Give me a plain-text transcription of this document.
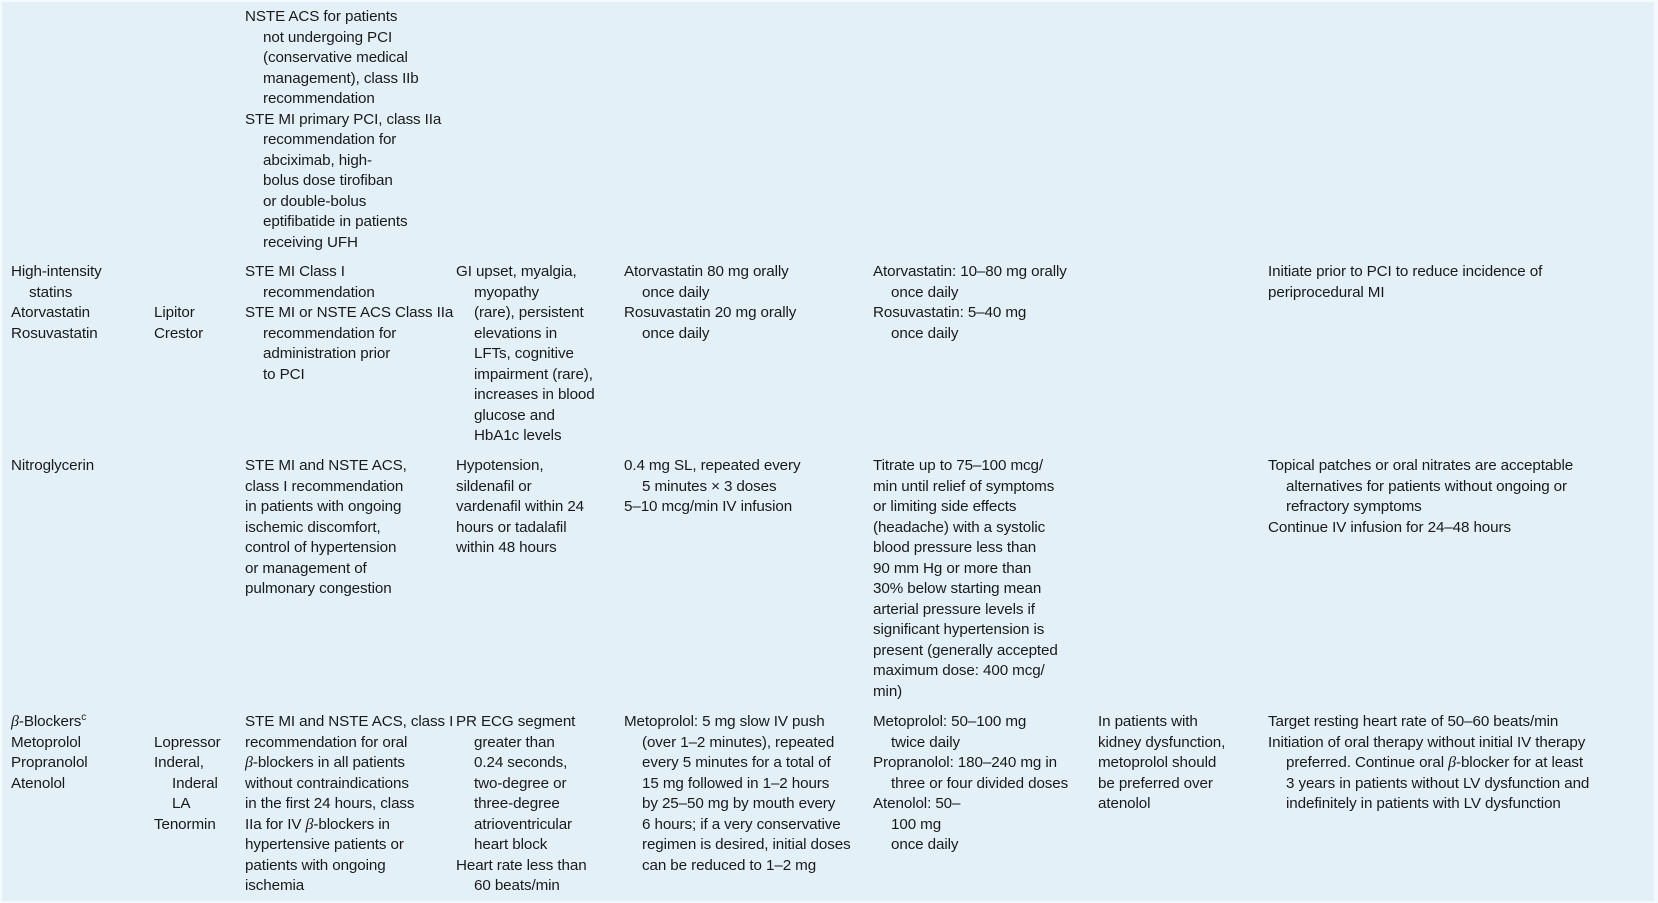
NSTE ACS for patients
not undergoing PCI
(conservative medical
management), class IIb
recommendation
STE MI primary PCI, class IIa
recommendation for
abciximab, high-
bolus dose tirofiban
or double-bolus
eptifibatide in patients
receiving UFH
High-intensity
statins
Atorvastatin
Rosuvastatin
Lipitor
Crestor
STE MI Class I
recommendation
STE MI or NSTE ACS Class IIa
recommendation for
administration prior
to PCI
GI upset, myalgia,
myopathy
(rare), persistent
elevations in
LFTs, cognitive
impairment (rare),
increases in blood
glucose and
HbA1c levels
Atorvastatin 80 mg orally
once daily
Rosuvastatin 20 mg orally
once daily
Atorvastatin: 10–80 mg orally
once daily
Rosuvastatin: 5–40 mg
once daily
Initiate prior to PCI to reduce incidence of
periprocedural MI
Nitroglycerin	STE MI and NSTE ACS,
class I recommendation
in patients with ongoing
ischemic discomfort,
control of hypertension
or management of
pulmonary congestion
Hypotension,
sildenafil or
vardenafil within 24
hours or tadalafil
within 48 hours
0.4 mg SL, repeated every
5 minutes × 3 doses
5–10 mcg/min IV infusion
Titrate up to 75–100 mcg/
min until relief of symptoms
or limiting side effects
(headache) with a systolic
blood pressure less than
90 mm Hg or more than
30% below starting mean
arterial pressure levels if
significant hypertension is
present (generally accepted
maximum dose: 400 mcg/
min)
Topical patches or oral nitrates are acceptable
alternatives for patients without ongoing or
refractory symptoms
Continue IV infusion for 24–48 hours
β-Blockers$^c$
Metoprolol
Propranolol
Atenolol
Lopressor
Inderal,
Inderal
LA
Tenormin
STE MI and NSTE ACS, class I
recommendation for oral
β-blockers in all patients
without contraindications
in the first 24 hours, class
IIa for IV β-blockers in
hypertensive patients or
patients with ongoing
ischemia
PR ECG segment
greater than
0.24 seconds,
two-degree or
three-degree
atrioventricular
heart block
Heart rate less than
60 beats/min
Metoprolol: 5 mg slow IV push
(over 1–2 minutes), repeated
every 5 minutes for a total of
15 mg followed in 1–2 hours
by 25–50 mg by mouth every
6 hours; if a very conservative
regimen is desired, initial doses
can be reduced to 1–2 mg
Metoprolol: 50–100 mg
twice daily
Propranolol: 180–240 mg in
three or four divided doses
Atenolol: 50–
100 mg
once daily
In patients with
kidney dysfunction,
metoprolol should
be preferred over
atenolol
Target resting heart rate of 50–60 beats/min
Initiation of oral therapy without initial IV therapy
preferred. Continue oral β-blocker for at least
3 years in patients without LV dysfunction and
indefinitely in patients with LV dysfunction
